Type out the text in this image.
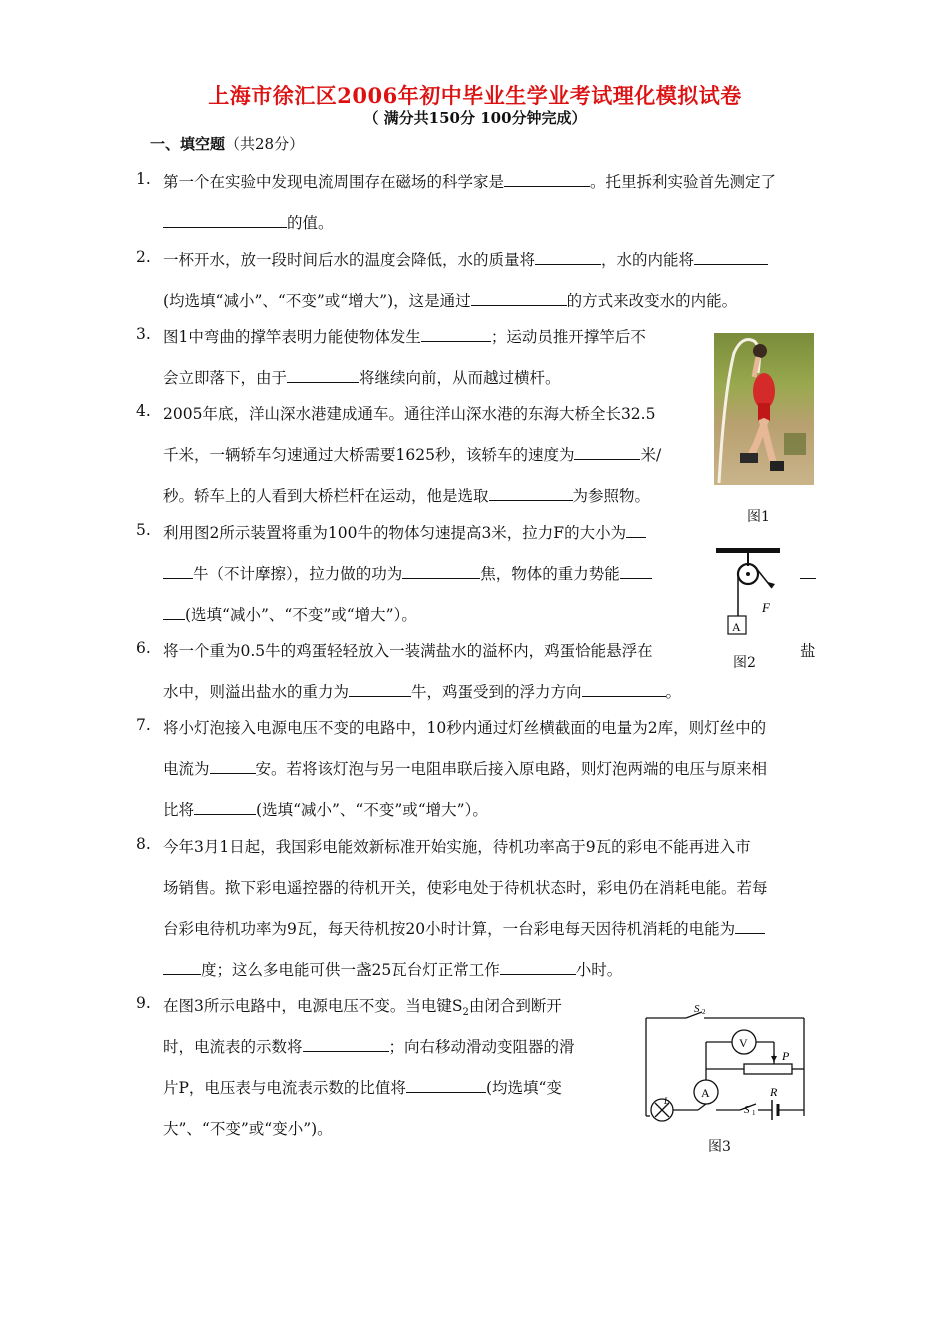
上海市徐汇区2006年初中毕业生学业考试理化模拟试卷
（ 满分共150分 100分钟完成）
一、填空题（共28分）
1. 第一个在实验中发现电流周围存在磁场的科学家是	。托里拆利实验首先测定了
的值。
2. 一杯开水，放一段时间后水的温度会降低，水的质量将	，水的内能将
(均选填“减小”、“不变”或“增大”)，这是通过	的方式来改变水的内能。
3. 图1中弯曲的撑竿表明力能使物体发生	；运动员推开撑竿后不
会立即落下，由于	将继续向前，从而越过横杆。
图1
4. 2005年底，洋山深水港建成通车。通往洋山深水港的东海大桥全长32.5
千米，一辆轿车匀速通过大桥需要1625秒，该轿车的速度为	米/
秒。轿车上的人看到大桥栏杆在运动，他是选取	为参照物。
5. 利用图2所示装置将重为100牛的物体匀速提高3米，拉力F的大小为
牛（不计摩擦），拉力做的功为	焦，物体的重力势能
(选填“减小”、“不变”或“增大”）。	F
A
图2
6. 将一个重为0.5牛的鸡蛋轻轻放入一装满盐水的溢杯内，鸡蛋恰能悬浮在	盐
水中，则溢出盐水的重力为	牛，鸡蛋受到的浮力方向	。
7. 将小灯泡接入电源电压不变的电路中，10秒内通过灯丝横截面的电量为2库，则灯丝中的
电流为	安。若将该灯泡与另一电阻串联后接入原电路，则灯泡两端的电压与原来相
比将	(选填“减小”、“不变”或“增大”）。
8. 今年3月1日起，我国彩电能效新标准开始实施，待机功率高于9瓦的彩电不能再进入市
场销售。揿下彩电遥控器的待机开关，使彩电处于待机状态时，彩电仍在消耗电能。若每
台彩电待机功率为9瓦，每天待机按20小时计算，一台彩电每天因待机消耗的电能为
度；这么多电能可供一盏25瓦台灯正常工作	小时。
9. 在图3所示电路中，电源电压不变。当电键$S_2$由闭合到断开
时，电流表的示数将	；向右移动滑动变阻器的滑
片P，电压表与电流表示数的比值将	(均选填“变
大”、“不变”或“变小”)。
S 2
V
P
R
A
S 1
L
图3
